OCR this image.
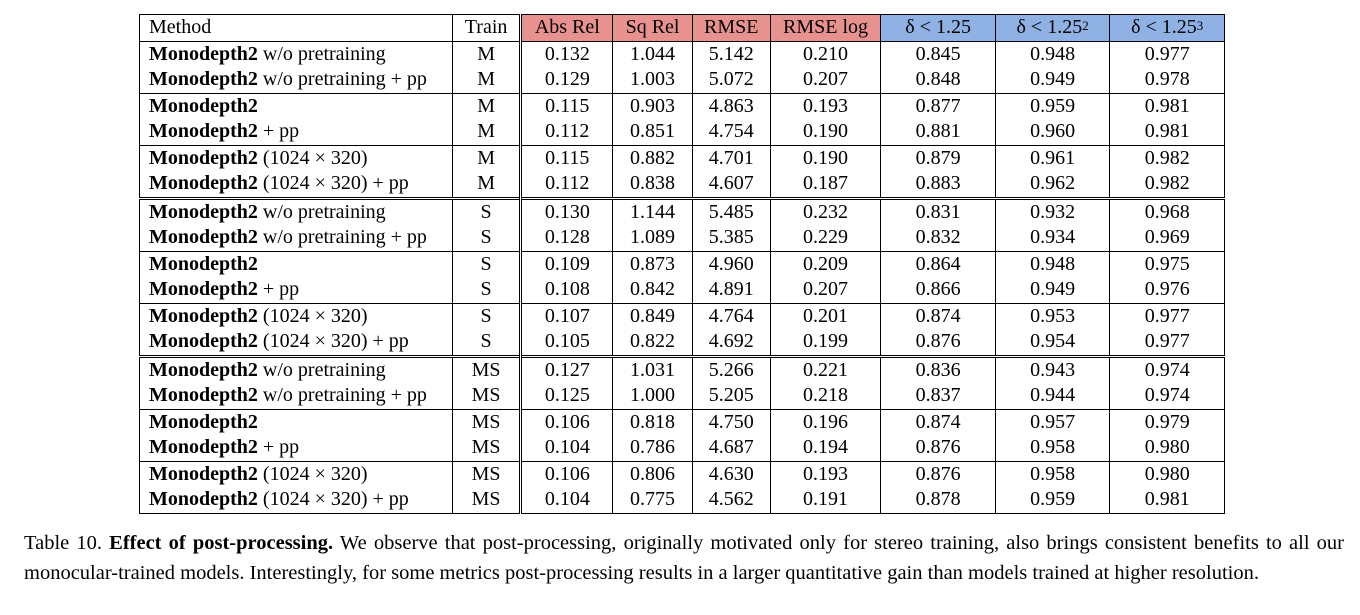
Method	Train	Abs Rel	Sq Rel	RMSE	RMSE log	δ < 1.25	$\delta < 1.25^2$	$\delta < 1.25^3$
Monodepth2 w/o pretraining	M	0.132	1.044	5.142	0.210	0.845	0.948	0.977
Monodepth2 w/o pretraining + pp	M	0.129	1.003	5.072	0.207	0.848	0.949	0.978
Monodepth2	M	0.115	0.903	4.863	0.193	0.877	0.959	0.981
Monodepth2 + pp	M	0.112	0.851	4.754	0.190	0.881	0.960	0.981
Monodepth2 (1024 × 320)	M	0.115	0.882	4.701	0.190	0.879	0.961	0.982
Monodepth2 (1024 × 320) + pp	M	0.112	0.838	4.607	0.187	0.883	0.962	0.982
Monodepth2 w/o pretraining	S	0.130	1.144	5.485	0.232	0.831	0.932	0.968
Monodepth2 w/o pretraining + pp	S	0.128	1.089	5.385	0.229	0.832	0.934	0.969
Monodepth2	S	0.109	0.873	4.960	0.209	0.864	0.948	0.975
Monodepth2 + pp	S	0.108	0.842	4.891	0.207	0.866	0.949	0.976
Monodepth2 (1024 × 320)	S	0.107	0.849	4.764	0.201	0.874	0.953	0.977
Monodepth2 (1024 × 320) + pp	S	0.105	0.822	4.692	0.199	0.876	0.954	0.977
Monodepth2 w/o pretraining	MS	0.127	1.031	5.266	0.221	0.836	0.943	0.974
Monodepth2 w/o pretraining + pp	MS	0.125	1.000	5.205	0.218	0.837	0.944	0.974
Monodepth2	MS	0.106	0.818	4.750	0.196	0.874	0.957	0.979
Monodepth2 + pp	MS	0.104	0.786	4.687	0.194	0.876	0.958	0.980
Monodepth2 (1024 × 320)	MS	0.106	0.806	4.630	0.193	0.876	0.958	0.980
Monodepth2 (1024 × 320) + pp	MS	0.104	0.775	4.562	0.191	0.878	0.959	0.981
Table 10. Effect of post-processing. We observe that post-processing, originally motivated only for stereo training, also brings consistent benefits to all our monocular-trained models. Interestingly, for some metrics post-processing results in a larger quantitative gain than models trained at higher resolution.
